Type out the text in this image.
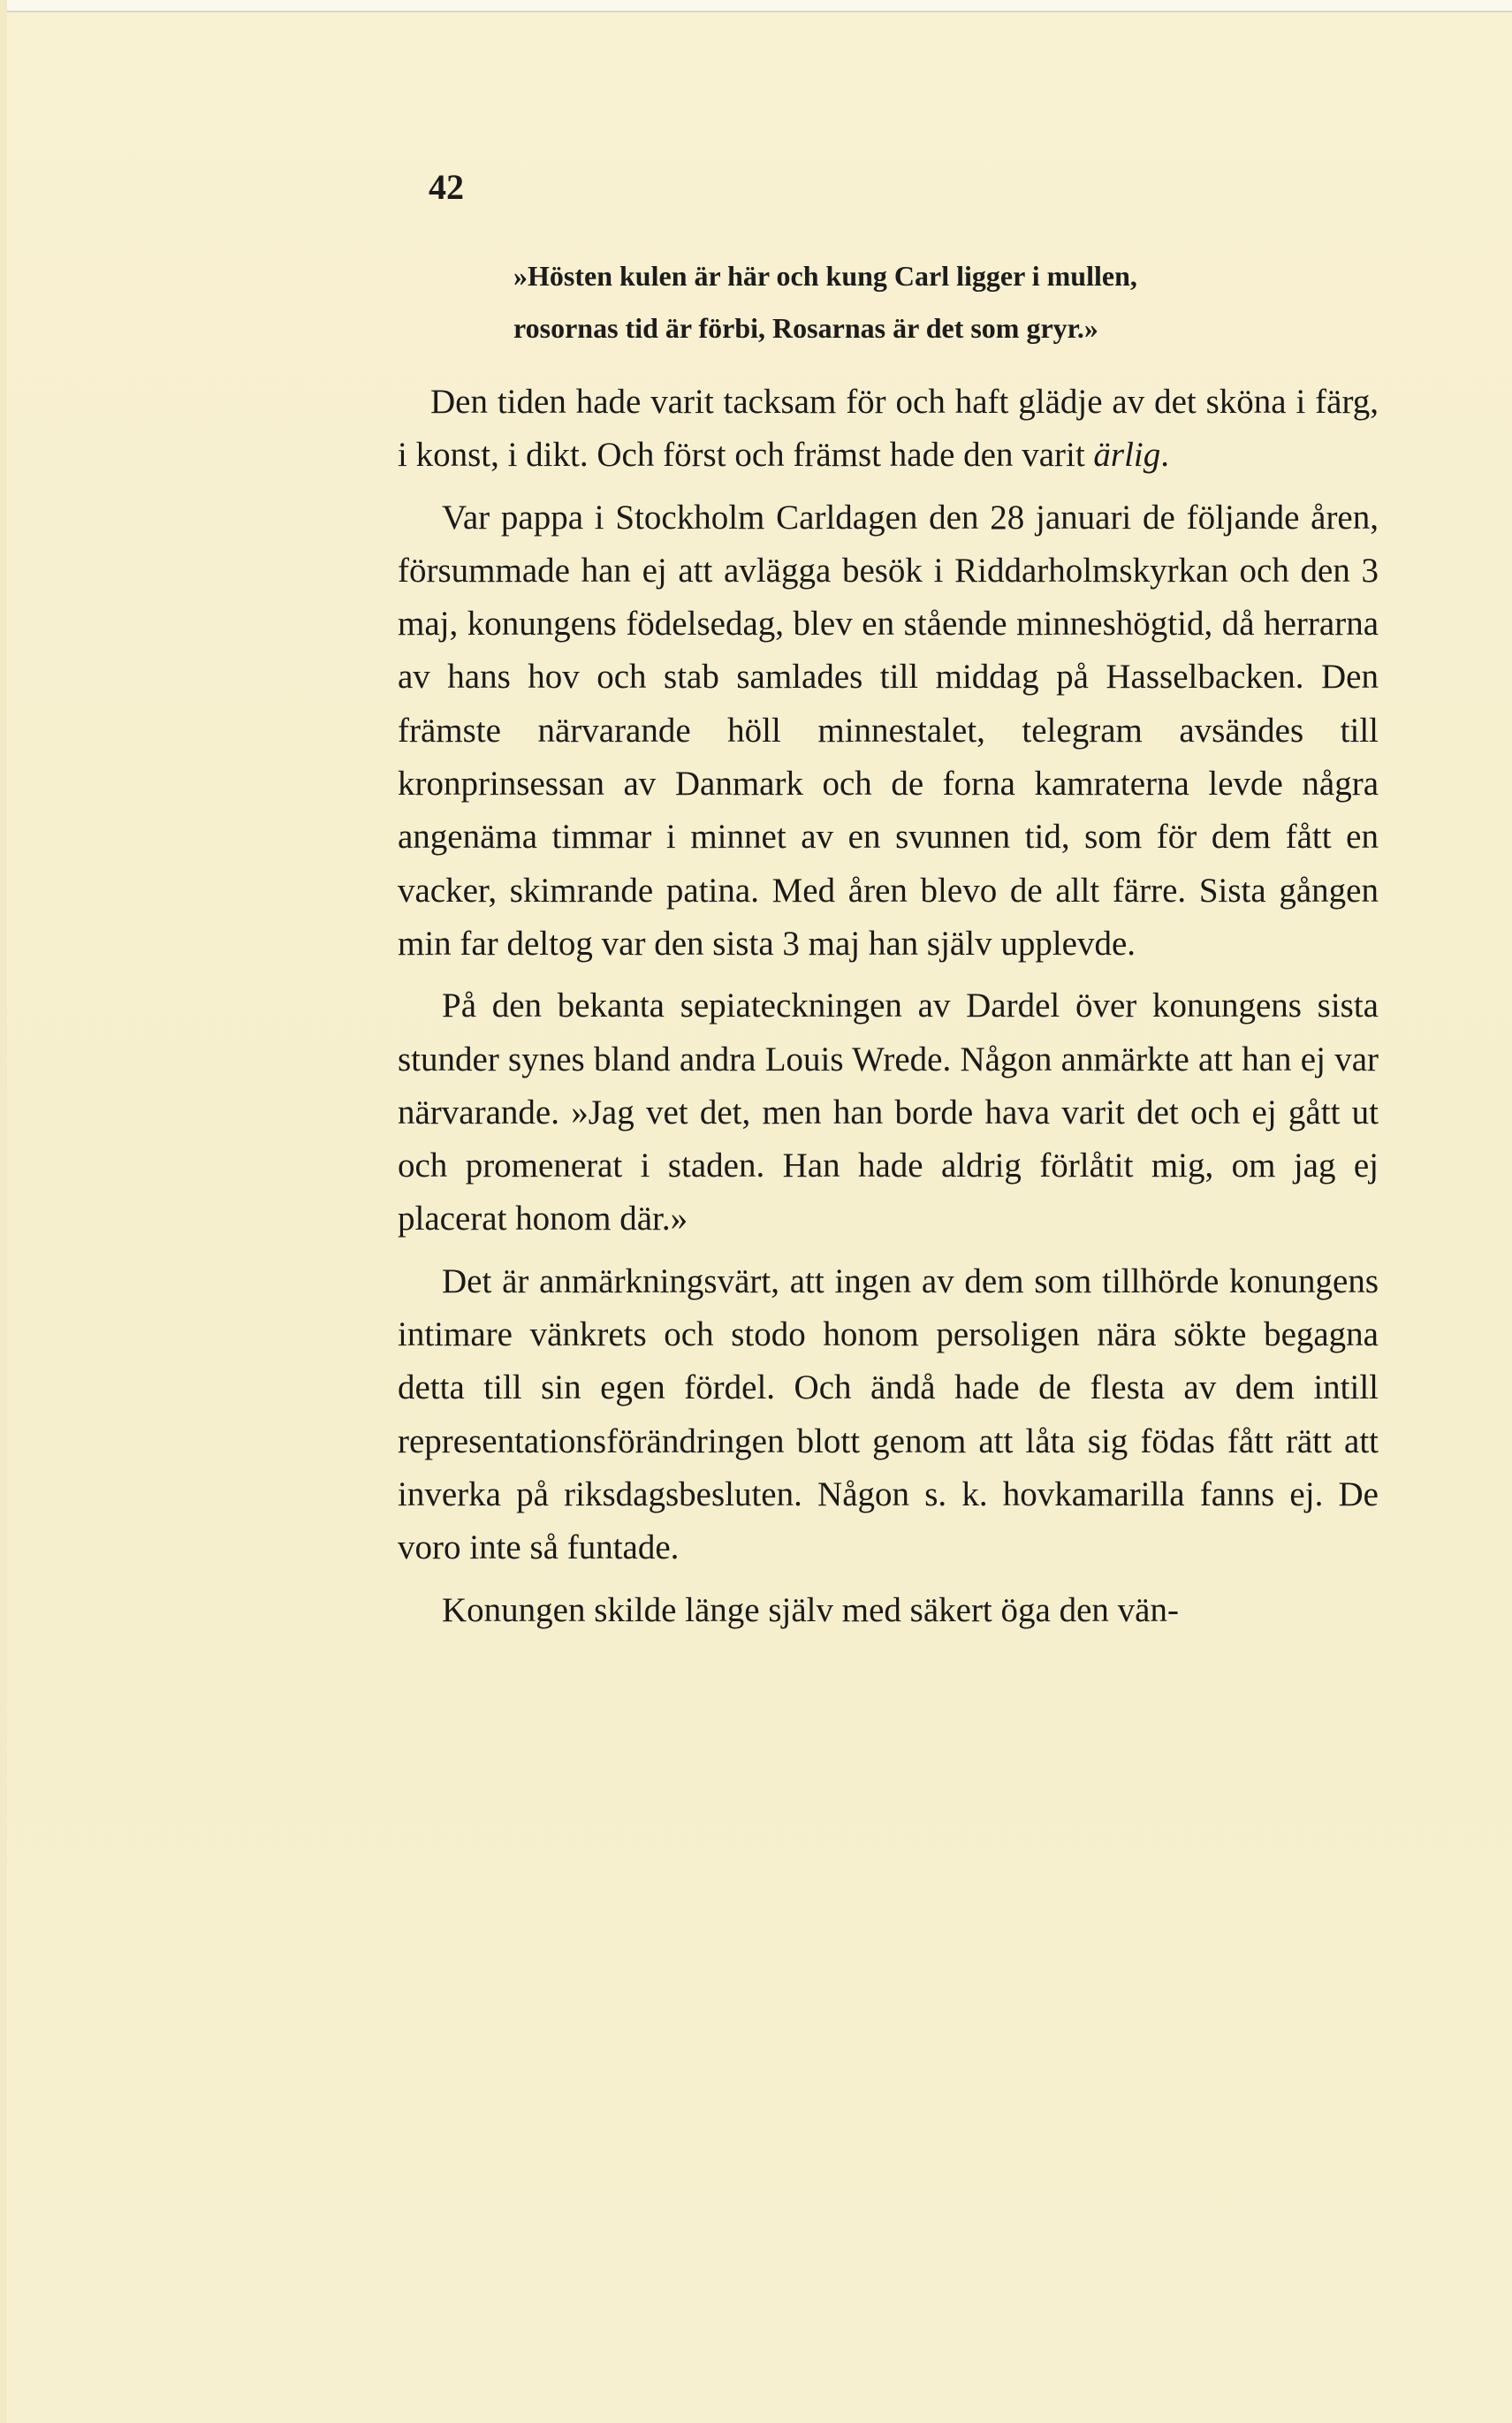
42

»Hösten kulen är här och kung Carl ligger i mullen,
rosornas tid är förbi, Rosarnas är det som gryr.»

Den tiden hade varit tacksam för och haft glädje av det sköna i färg, i konst, i dikt. Och först och främst hade den varit ärlig.

Var pappa i Stockholm Carldagen den 28 januari de följande åren, försummade han ej att avlägga besök i Riddarholmskyrkan och den 3 maj, konungens födelsedag, blev en stående minneshögtid, då herrarna av hans hov och stab samlades till middag på Hasselbacken. Den främste närvarande höll minnestalet, telegram avsändes till kronprinsessan av Danmark och de forna kamraterna levde några angenäma timmar i minnet av en svunnen tid, som för dem fått en vacker, skimrande patina. Med åren blevo de allt färre. Sista gången min far deltog var den sista 3 maj han själv upplevde.

På den bekanta sepiateckningen av Dardel över konungens sista stunder synes bland andra Louis Wrede. Någon anmärkte att han ej var närvarande. »Jag vet det, men han borde hava varit det och ej gått ut och promenerat i staden. Han hade aldrig förlåtit mig, om jag ej placerat honom där.»

Det är anmärkningsvärt, att ingen av dem som tillhörde konungens intimare vänkrets och stodo honom persoligen nära sökte begagna detta till sin egen fördel. Och ändå hade de flesta av dem intill representationsförändringen blott genom att låta sig födas fått rätt att inverka på riksdagsbesluten. Någon s. k. hovkamarilla fanns ej. De voro inte så funtade.

Konungen skilde länge själv med säkert öga den vän-
